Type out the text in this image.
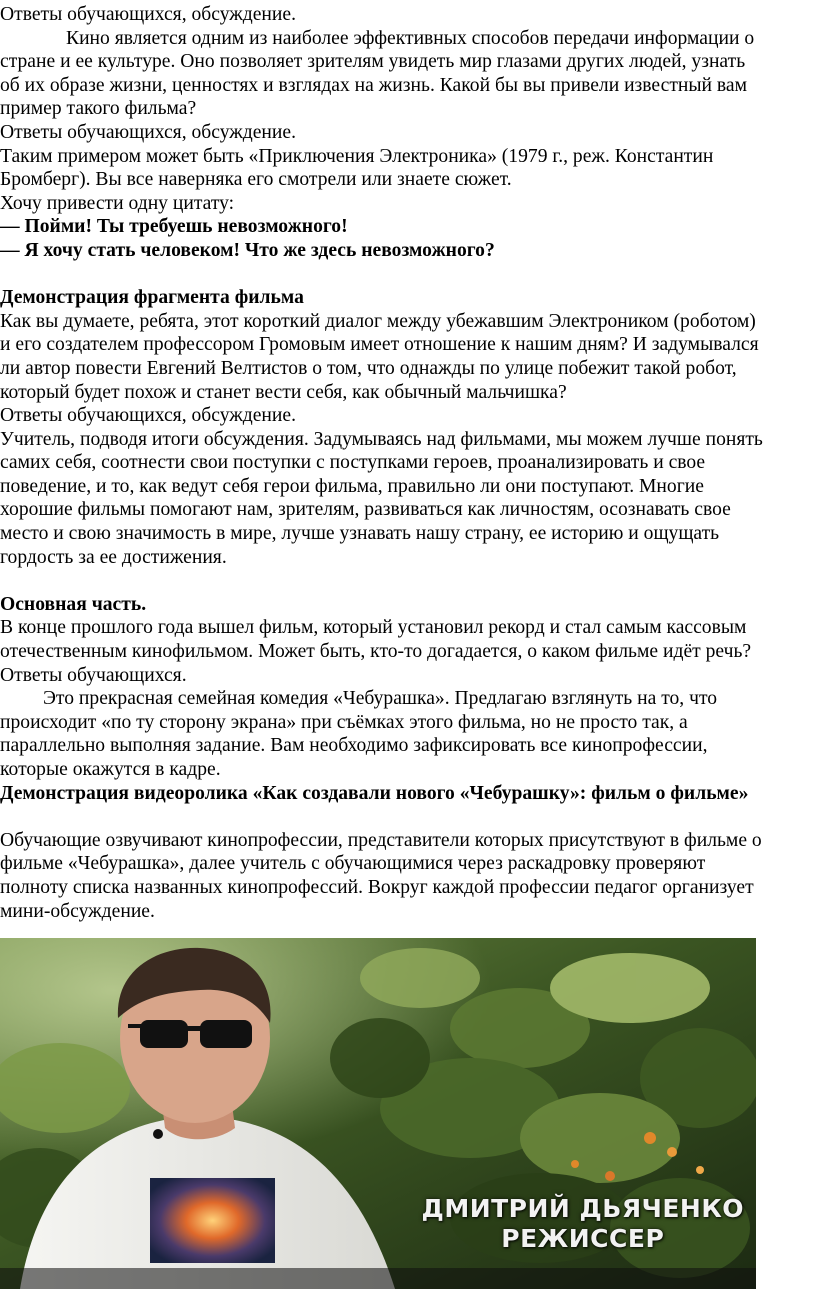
Ответы обучающихся, обсуждение.

Кино является одним из наиболее эффективных способов передачи информации о

стране и ее культуре. Оно позволяет зрителям увидеть мир глазами других людей, узнать

об их образе жизни, ценностях и взглядах на жизнь. Какой бы вы привели известный вам

пример такого фильма?

Ответы обучающихся, обсуждение.

Таким примером может быть «Приключения Электроника» (1979 г., реж. Константин

Бромберг). Вы все наверняка его смотрели или знаете сюжет.

Хочу привести одну цитату:

— Пойми! Ты требуешь невозможного!

— Я хочу стать человеком! Что же здесь невозможного?

Демонстрация фрагмента фильма

Как вы думаете, ребята, этот короткий диалог между убежавшим Электроником (роботом)

и его создателем профессором Громовым имеет отношение к нашим дням? И задумывался

ли автор повести Евгений Велтистов о том, что однажды по улице побежит такой робот,

который будет похож и станет вести себя, как обычный мальчишка?

Ответы обучающихся, обсуждение.

Учитель, подводя итоги обсуждения. Задумываясь над фильмами, мы можем лучше понять

самих себя, соотнести свои поступки с поступками героев, проанализировать и свое

поведение, и то, как ведут себя герои фильма, правильно ли они поступают. Многие

хорошие фильмы помогают нам, зрителям, развиваться как личностям, осознавать свое

место и свою значимость в мире, лучше узнавать нашу страну, ее историю и ощущать

гордость за ее достижения.

Основная часть.

В конце прошлого года вышел фильм, который установил рекорд и стал самым кассовым

отечественным кинофильмом. Может быть, кто-то догадается, о каком фильме идёт речь?

Ответы обучающихся.

Это прекрасная семейная комедия «Чебурашка». Предлагаю взглянуть на то, что

происходит «по ту сторону экрана» при съёмках этого фильма, но не просто так, а

параллельно выполняя задание. Вам необходимо зафиксировать все кинопрофессии,

которые окажутся в кадре.

Демонстрация видеоролика «Как создавали нового «Чебурашку»: фильм о фильме»

Обучающие озвучивают кинопрофессии, представители которых присутствуют в фильме о

фильме «Чебурашка», далее учитель с обучающимися через раскадровку проверяют

полноту списка названных кинопрофессий. Вокруг каждой профессии педагог организует

мини-обсуждение.

ДМИТРИЙ ДЬЯЧЕНКО
РЕЖИССЕР
